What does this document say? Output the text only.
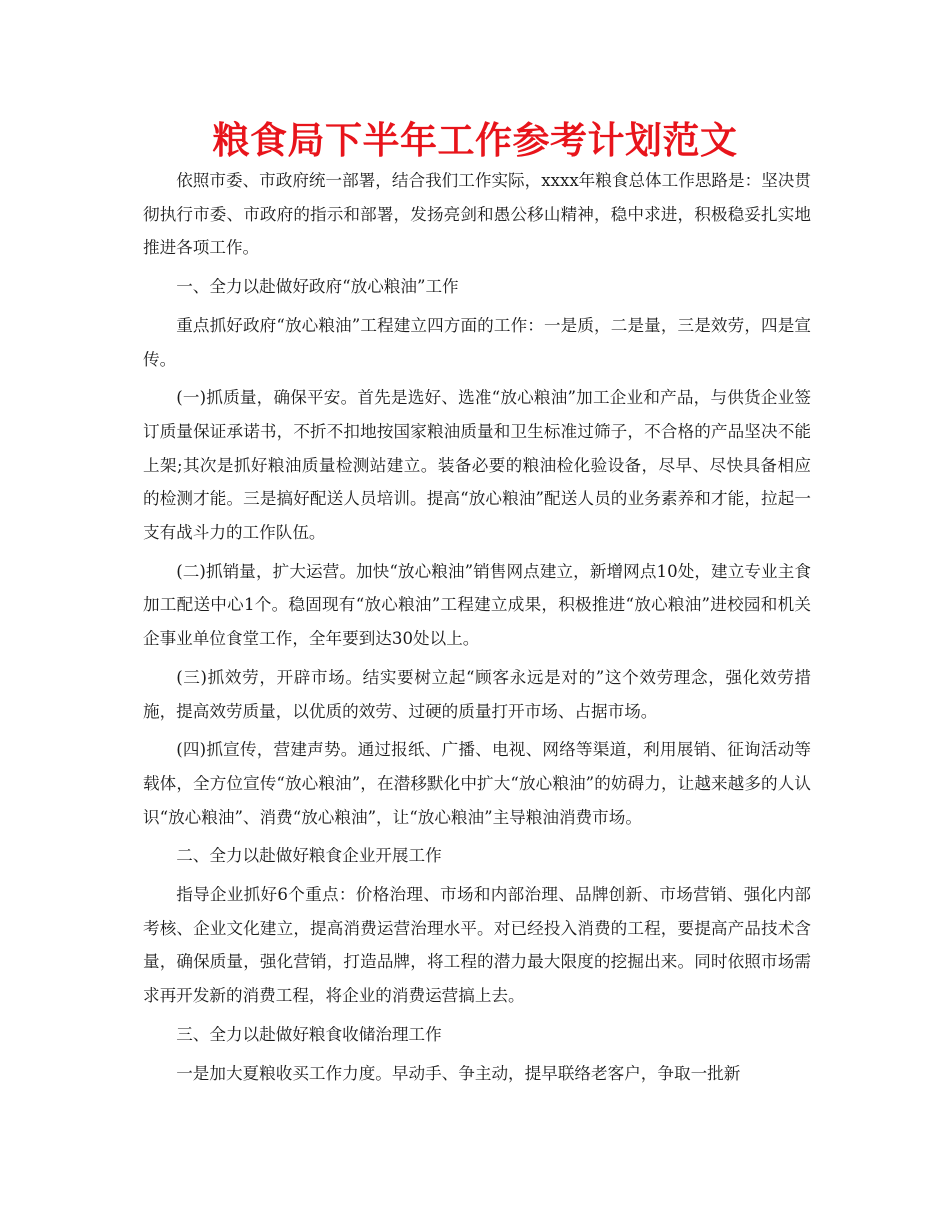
粮食局下半年工作参考计划范文

依照市委、市政府统一部署，结合我们工作实际，xxxx年粮食总体工作思路是：坚决贯彻执行市委、市政府的指示和部署，发扬亮剑和愚公移山精神，稳中求进，积极稳妥扎实地推进各项工作。

一、全力以赴做好政府“放心粮油”工作

重点抓好政府“放心粮油”工程建立四方面的工作：一是质，二是量，三是效劳，四是宣传。

(一)抓质量，确保平安。首先是选好、选准“放心粮油”加工企业和产品，与供货企业签订质量保证承诺书，不折不扣地按国家粮油质量和卫生标准过筛子，不合格的产品坚决不能上架;其次是抓好粮油质量检测站建立。装备必要的粮油检化验设备，尽早、尽快具备相应的检测才能。三是搞好配送人员培训。提高“放心粮油”配送人员的业务素养和才能，拉起一支有战斗力的工作队伍。

(二)抓销量，扩大运营。加快“放心粮油”销售网点建立，新增网点10处，建立专业主食加工配送中心1个。稳固现有“放心粮油”工程建立成果，积极推进“放心粮油”进校园和机关企事业单位食堂工作，全年要到达30处以上。

(三)抓效劳，开辟市场。结实要树立起“顾客永远是对的”这个效劳理念，强化效劳措施，提高效劳质量，以优质的效劳、过硬的质量打开市场、占据市场。

(四)抓宣传，营建声势。通过报纸、广播、电视、网络等渠道，利用展销、征询活动等载体，全方位宣传“放心粮油”，在潜移默化中扩大“放心粮油”的妨碍力，让越来越多的人认识“放心粮油”、消费“放心粮油”，让“放心粮油”主导粮油消费市场。

二、全力以赴做好粮食企业开展工作

指导企业抓好6个重点：价格治理、市场和内部治理、品牌创新、市场营销、强化内部考核、企业文化建立，提高消费运营治理水平。对已经投入消费的工程，要提高产品技术含量，确保质量，强化营销，打造品牌，将工程的潜力最大限度的挖掘出来。同时依照市场需求再开发新的消费工程，将企业的消费运营搞上去。

三、全力以赴做好粮食收储治理工作

一是加大夏粮收买工作力度。早动手、争主动，提早联络老客户，争取一批新
